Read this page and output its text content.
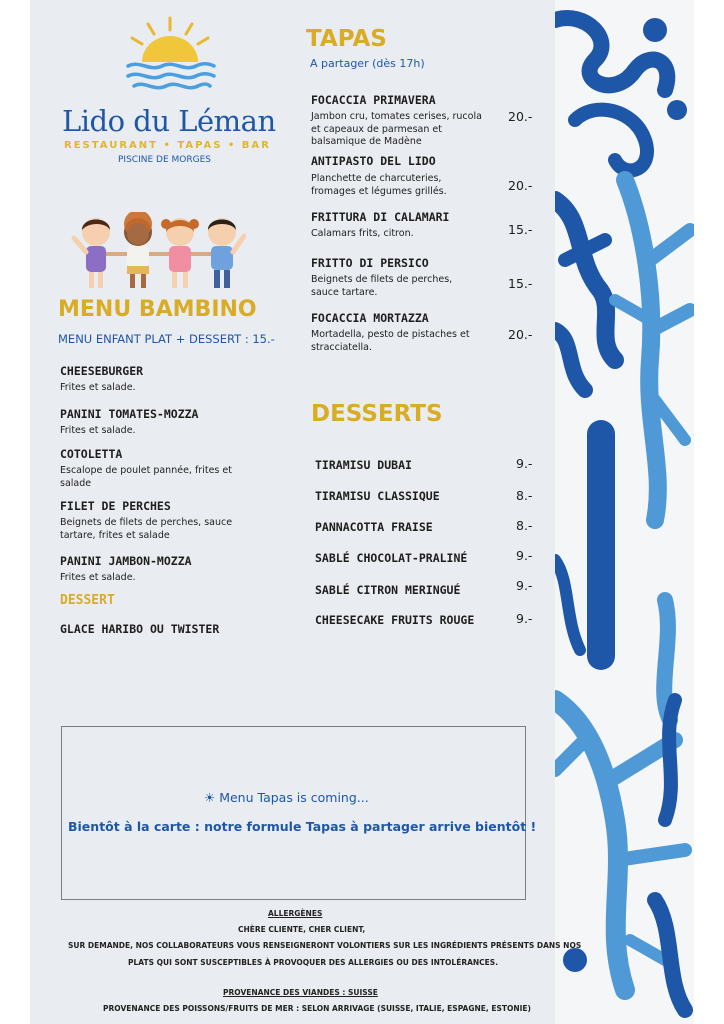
Lido du Léman
RESTAURANT • TAPAS • BAR
PISCINE DE MORGES
MENU BAMBINO
MENU ENFANT PLAT + DESSERT : 15.-
CHEESEBURGER
Frites et salade.
PANINI TOMATES-MOZZA
Frites et salade.
COTOLETTA
Escalope de poulet pannée, frites et salade
FILET DE PERCHES
Beignets de filets de perches, sauce tartare, frites et salade
PANINI JAMBON-MOZZA
Frites et salade.
DESSERT
GLACE HARIBO OU TWISTER
TAPAS
A partager (dès 17h)
FOCACCIA PRIMAVERA
Jambon cru, tomates cerises, rucola et capeaux de parmesan et balsamique de Madène
20.-
ANTIPASTO DEL LIDO
Planchette de charcuteries, fromages et légumes grillés.	20.-
FRITTURA DI CALAMARI
Calamars frits, citron.	15.-
FRITTO DI PERSICO
Beignets de filets de perches, sauce tartare.
15.-
FOCACCIA MORTAZZA
Mortadella, pesto de pistaches et stracciatella.
20.-
DESSERTS
TIRAMISU DUBAI	9.-
TIRAMISU CLASSIQUE	8.-
PANNACOTTA FRAISE	8.-
SABLÉ CHOCOLAT-PRALINÉ	9.-
SABLÉ CITRON MERINGUÉ	9.-
CHEESECAKE FRUITS ROUGE	9.-
☀ Menu Tapas is coming...
Bientôt à la carte : notre formule Tapas à partager arrive bientôt !
ALLERGÈNES
CHÈRE CLIENTE, CHER CLIENT,
SUR DEMANDE, NOS COLLABORATEURS VOUS RENSEIGNERONT VOLONTIERS SUR LES INGRÉDIENTS PRÉSENTS DANS NOS
PLATS QUI SONT SUSCEPTIBLES À PROVOQUER DES ALLERGIES OU DES INTOLÉRANCES.
PROVENANCE DES VIANDES : SUISSE
PROVENANCE DES POISSONS/FRUITS DE MER : SELON ARRIVAGE (SUISSE, ITALIE, ESPAGNE, ESTONIE)
